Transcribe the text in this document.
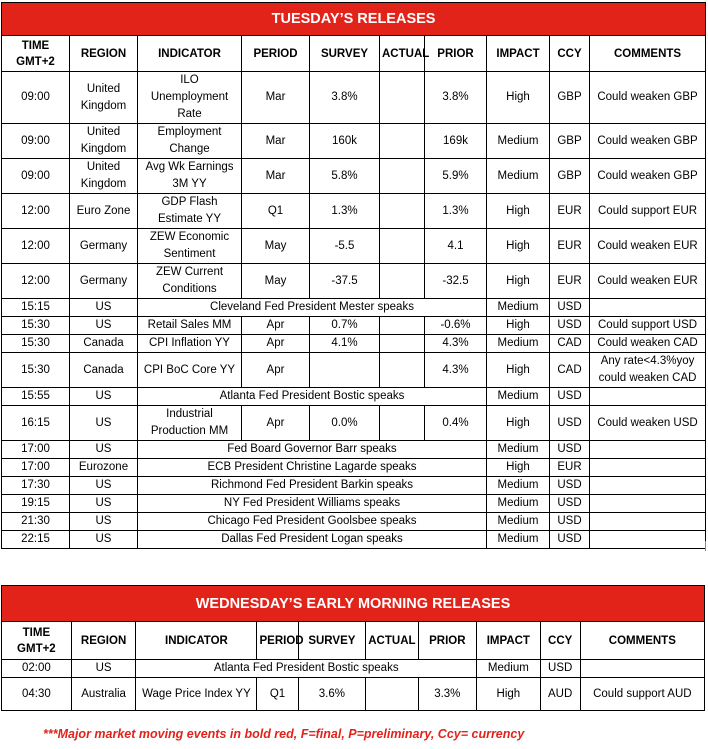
TUESDAY’S RELEASES									
TIME GMT+2	REGION	INDICATOR	PERIOD	SURVEY	ACTUAL	PRIOR	IMPACT	CCY	COMMENTS
09:00	United Kingdom	ILO Unemployment Rate	Mar	3.8%		3.8%	High	GBP	Could weaken GBP
09:00	United Kingdom	Employment Change	Mar	160k		169k	Medium	GBP	Could weaken GBP
09:00	United Kingdom	Avg Wk Earnings 3M YY	Mar	5.8%		5.9%	Medium	GBP	Could weaken GBP
12:00	Euro Zone	GDP Flash Estimate YY	Q1	1.3%		1.3%	High	EUR	Could support EUR
12:00	Germany	ZEW Economic Sentiment	May	-5.5		4.1	High	EUR	Could weaken EUR
12:00	Germany	ZEW Current Conditions	May	-37.5		-32.5	High	EUR	Could weaken EUR
15:15	US	Cleveland Fed President Mester speaks					Medium	USD	
15:30	US	Retail Sales MM	Apr	0.7%		-0.6%	High	USD	Could support USD
15:30	Canada	CPI Inflation YY	Apr	4.1%		4.3%	Medium	CAD	Could weaken CAD
15:30	Canada	CPI BoC Core YY	Apr			4.3%	High	CAD	Any rate<4.3%yoy could weaken CAD
15:55	US	Atlanta Fed President Bostic speaks					Medium	USD	
16:15	US	Industrial Production MM	Apr	0.0%		0.4%	High	USD	Could weaken USD
17:00	US	Fed Board Governor Barr speaks					Medium	USD	
17:00	Eurozone	ECB President Christine Lagarde speaks					High	EUR	
17:30	US	Richmond Fed President Barkin speaks					Medium	USD	
19:15	US	NY Fed President Williams speaks					Medium	USD	
21:30	US	Chicago Fed President Goolsbee speaks					Medium	USD	
22:15	US	Dallas Fed President Logan speaks					Medium	USD	
WEDNESDAY’S EARLY MORNING RELEASES									
TIME GMT+2	REGION	INDICATOR	PERIOD	SURVEY	ACTUAL	PRIOR	IMPACT	CCY	COMMENTS
02:00	US	Atlanta Fed President Bostic speaks					Medium	USD	
04:30	Australia	Wage Price Index YY	Q1	3.6%		3.3%	High	AUD	Could support AUD
***Major market moving events in bold red, F=final, P=preliminary, Ccy= currency
